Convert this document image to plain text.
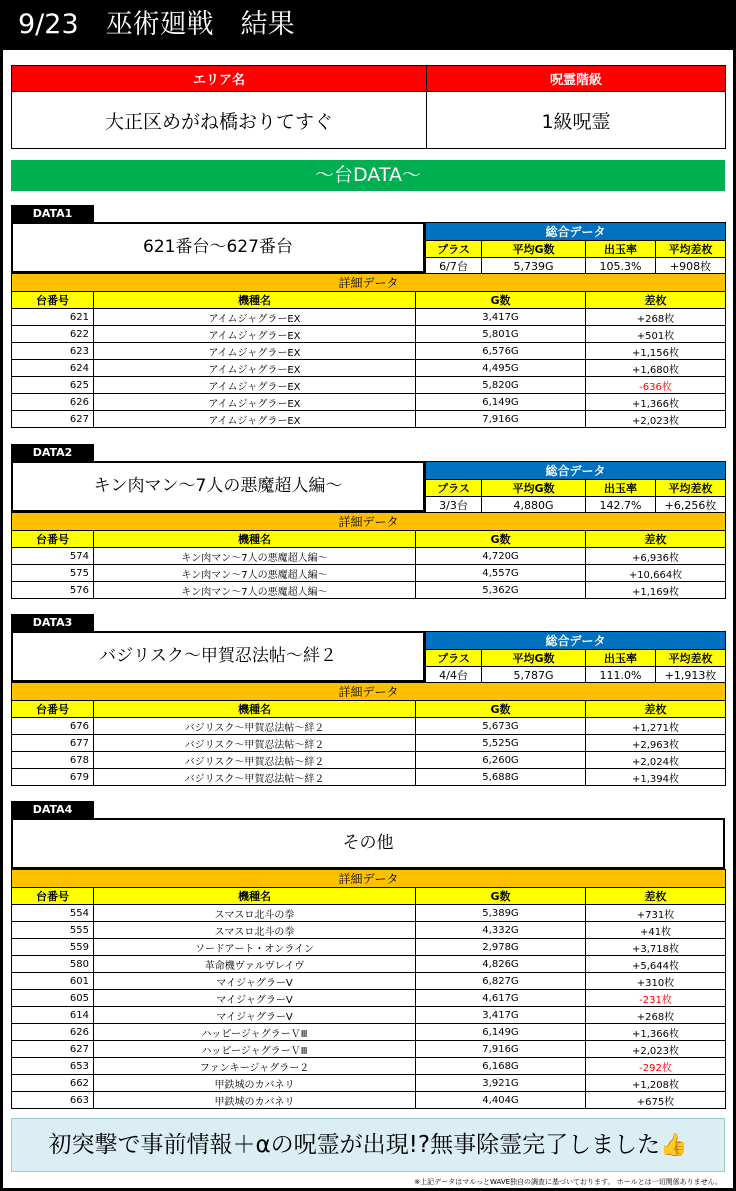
9/23　巫術廻戦　結果
エリア名	呪霊階級
大正区めがね橋おりてすぐ	1級呪霊
～台DATA～
DATA1
621番台～627番台
総合データ			
プラス	平均G数	出玉率	平均差枚
6/7台	5,739G	105.3%	+908枚
詳細データ			
台番号	機種名	G数	差枚
621	アイムジャグラーEX	3,417G	+268枚
622	アイムジャグラーEX	5,801G	+501枚
623	アイムジャグラーEX	6,576G	+1,156枚
624	アイムジャグラーEX	4,495G	+1,680枚
625	アイムジャグラーEX	5,820G	-636枚
626	アイムジャグラーEX	6,149G	+1,366枚
627	アイムジャグラーEX	7,916G	+2,023枚
DATA2
キン肉マン～7人の悪魔超人編～
総合データ			
プラス	平均G数	出玉率	平均差枚
3/3台	4,880G	142.7%	+6,256枚
詳細データ			
台番号	機種名	G数	差枚
574	キン肉マン～7人の悪魔超人編～	4,720G	+6,936枚
575	キン肉マン～7人の悪魔超人編～	4,557G	+10,664枚
576	キン肉マン～7人の悪魔超人編～	5,362G	+1,169枚
DATA3
バジリスク～甲賀忍法帖～絆２
総合データ			
プラス	平均G数	出玉率	平均差枚
4/4台	5,787G	111.0%	+1,913枚
詳細データ			
台番号	機種名	G数	差枚
676	バジリスク～甲賀忍法帖～絆２	5,673G	+1,271枚
677	バジリスク～甲賀忍法帖～絆２	5,525G	+2,963枚
678	バジリスク～甲賀忍法帖～絆２	6,260G	+2,024枚
679	バジリスク～甲賀忍法帖～絆２	5,688G	+1,394枚
DATA4
その他
詳細データ			
台番号	機種名	G数	差枚
554	スマスロ北斗の拳	5,389G	+731枚
555	スマスロ北斗の拳	4,332G	+41枚
559	ソードアート・オンライン	2,978G	+3,718枚
580	革命機ヴァルヴレイヴ	4,826G	+5,644枚
601	マイジャグラーV	6,827G	+310枚
605	マイジャグラーV	4,617G	-231枚
614	マイジャグラーV	3,417G	+268枚
626	ハッピージャグラーＶⅢ	6,149G	+1,366枚
627	ハッピージャグラーＶⅢ	7,916G	+2,023枚
653	ファンキージャグラー２	6,168G	-292枚
662	甲鉄城のカバネリ	3,921G	+1,208枚
663	甲鉄城のカバネリ	4,404G	+675枚
初突撃で事前情報＋αの呪霊が出現!?無事除霊完了しました👍
※上記データはマルっとWAVE独自の調査に基づいております。 ホールとは一切関係ありません。
